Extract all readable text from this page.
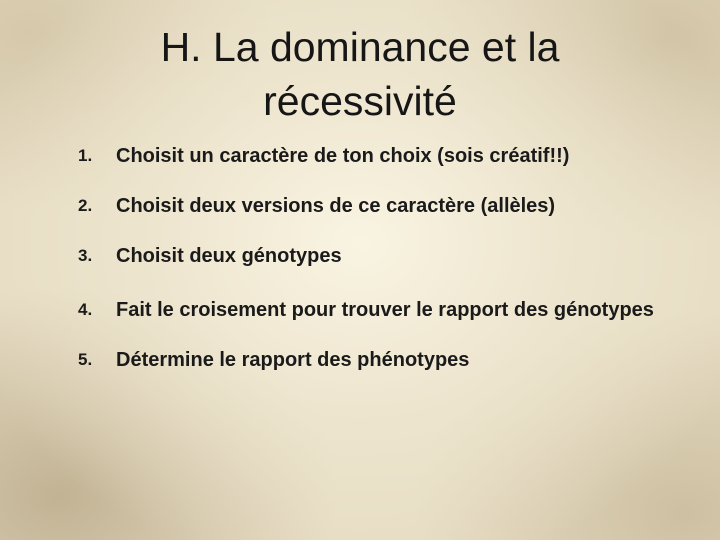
H. La dominance et la
récessivité
1. Choisit un caractère de ton choix (sois créatif!!)
2. Choisit deux versions de ce caractère (allèles)
3. Choisit deux génotypes
4. Fait le croisement pour trouver le rapport des génotypes
5. Détermine le rapport des phénotypes
